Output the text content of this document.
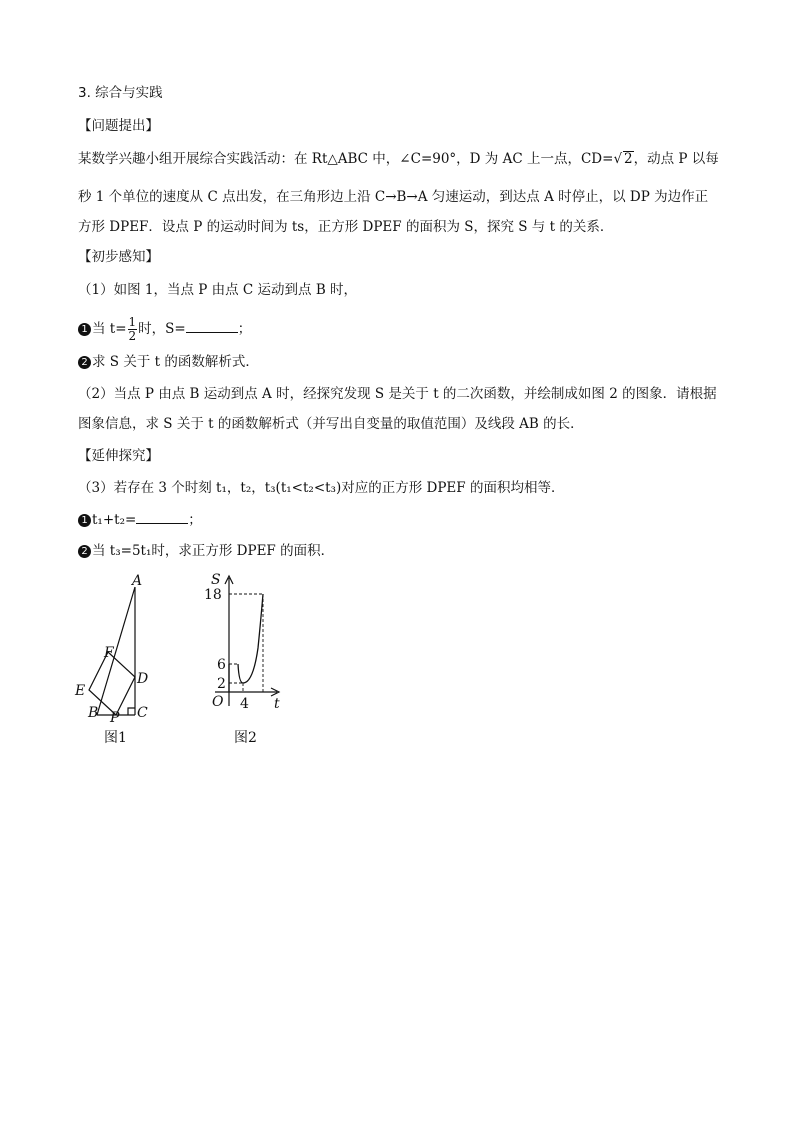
3. 综合与实践
【问题提出】
某数学兴趣小组开展综合实践活动：在 Rt△ABC 中，∠C=90°，D 为 AC 上一点，CD=√ 2，动点 P 以每
秒 1 个单位的速度从 C 点出发，在三角形边上沿 C→B→A 匀速运动，到达点 A 时停止，以 DP 为边作正
方形 DPEF．设点 P 的运动时间为 ts，正方形 DPEF 的面积为 S，探究 S 与 t 的关系．
【初步感知】
（1）如图 1，当点 P 由点 C 运动到点 B 时，
1 当 $t= \frac{1}{2}$ 时，S=	；
2 求 S 关于 t 的函数解析式．
（2）当点 P 由点 B 运动到点 A 时，经探究发现 S 是关于 t 的二次函数，并绘制成如图 2 的图象．请根据
图象信息，求 S 关于 t 的函数解析式（并写出自变量的取值范围）及线段 AB 的长．
【延伸探究】
（3）若存在 3 个时刻 t₁，t₂，t₃(t₁<t₂<t₃)对应的正方形 DPEF 的面积均相等．
1 t₁+t₂=	；
2 当 t₃=5t₁时，求正方形 DPEF 的面积．
A
F
D
E
B P C
图1
S
18
6
2
O 4 t
图2
